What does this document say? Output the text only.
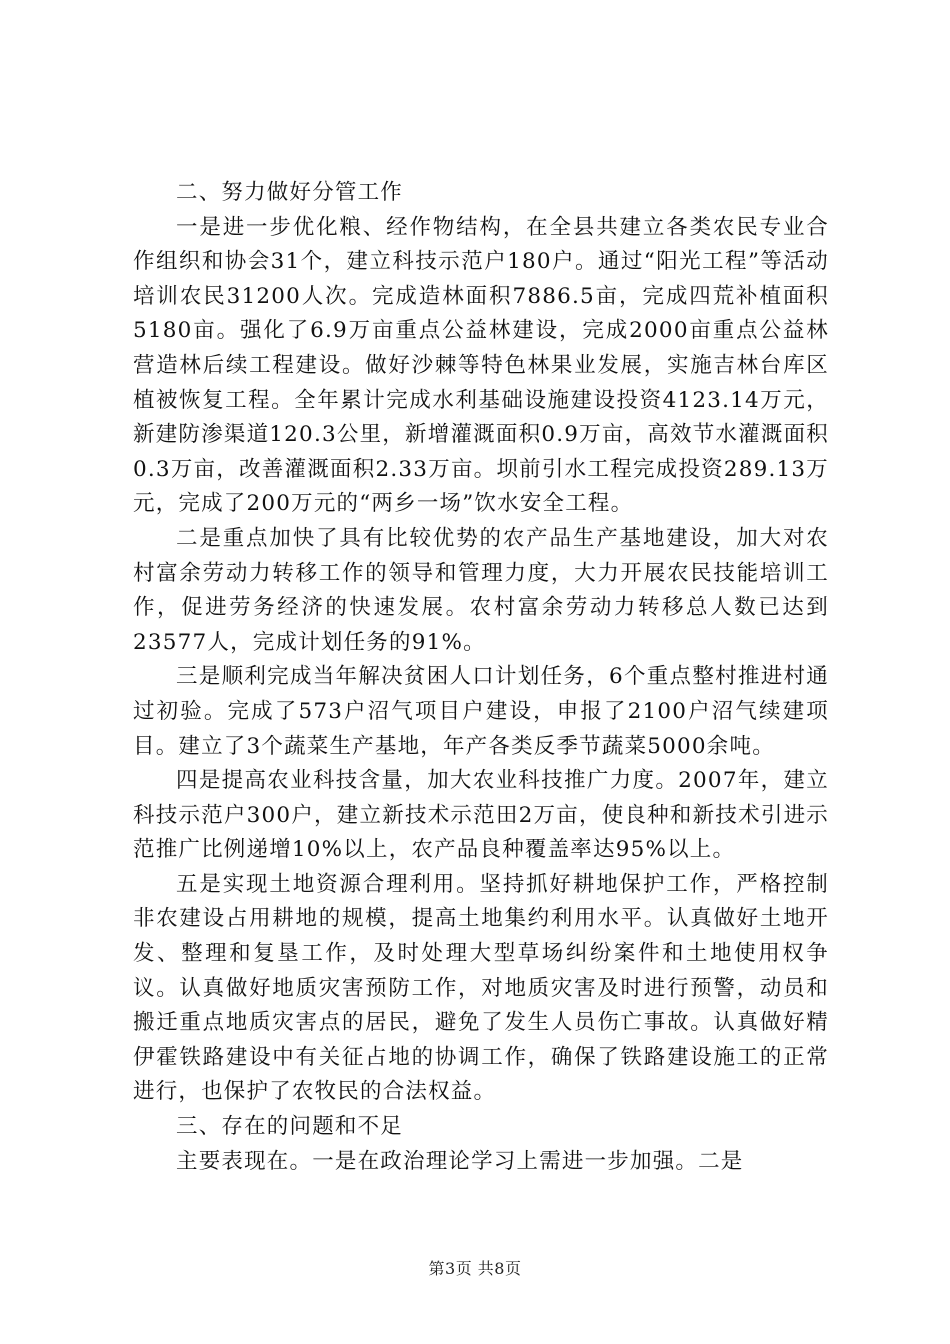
二、努力做好分管工作

一是进一步优化粮、经作物结构，在全县共建立各类农民专业合作组织和协会31个，建立科技示范户180户。通过“阳光工程”等活动培训农民31200人次。完成造林面积7886.5亩，完成四荒补植面积5180亩。强化了6.9万亩重点公益林建设，完成2000亩重点公益林营造林后续工程建设。做好沙棘等特色林果业发展，实施吉林台库区植被恢复工程。全年累计完成水利基础设施建设投资4123.14万元，新建防渗渠道120.3公里，新增灌溉面积0.9万亩，高效节水灌溉面积0.3万亩，改善灌溉面积2.33万亩。坝前引水工程完成投资289.13万元，完成了200万元的“两乡一场”饮水安全工程。

二是重点加快了具有比较优势的农产品生产基地建设，加大对农村富余劳动力转移工作的领导和管理力度，大力开展农民技能培训工作，促进劳务经济的快速发展。农村富余劳动力转移总人数已达到23577人，完成计划任务的91%。

三是顺利完成当年解决贫困人口计划任务，6个重点整村推进村通过初验。完成了573户沼气项目户建设，申报了2100户沼气续建项目。建立了3个蔬菜生产基地，年产各类反季节蔬菜5000余吨。

四是提高农业科技含量，加大农业科技推广力度。2007年，建立科技示范户300户，建立新技术示范田2万亩，使良种和新技术引进示范推广比例递增10%以上，农产品良种覆盖率达95%以上。

五是实现土地资源合理利用。坚持抓好耕地保护工作，严格控制非农建设占用耕地的规模，提高土地集约利用水平。认真做好土地开发、整理和复垦工作，及时处理大型草场纠纷案件和土地使用权争议。认真做好地质灾害预防工作，对地质灾害及时进行预警，动员和搬迁重点地质灾害点的居民，避免了发生人员伤亡事故。认真做好精伊霍铁路建设中有关征占地的协调工作，确保了铁路建设施工的正常进行，也保护了农牧民的合法权益。

三、存在的问题和不足

主要表现在。一是在政治理论学习上需进一步加强。二是

第3页 共8页
